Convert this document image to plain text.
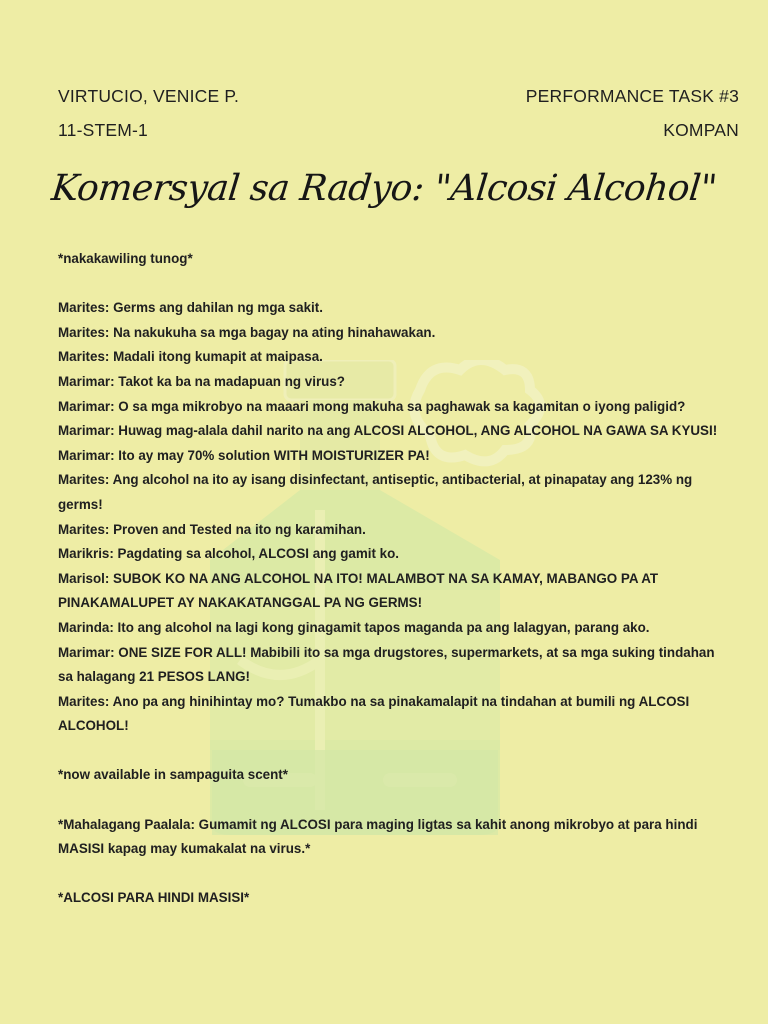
VIRTUCIO, VENICE P.
11-STEM-1
PERFORMANCE TASK #3
KOMPAN
Komersyal sa Radyo: "Alcosi Alcohol"
*nakakawiling tunog*
Marites: Germs ang dahilan ng mga sakit.
Marites: Na nakukuha sa mga bagay na ating hinahawakan.
Marites: Madali itong kumapit at maipasa.
Marimar: Takot ka ba na madapuan ng virus?
Marimar: O sa mga mikrobyo na maaari mong makuha sa paghawak sa kagamitan o iyong paligid?
Marimar: Huwag mag-alala dahil narito na ang ALCOSI ALCOHOL, ANG ALCOHOL NA GAWA SA KYUSI!
Marimar: Ito ay may 70% solution WITH MOISTURIZER PA!
Marites: Ang alcohol na ito ay isang disinfectant, antiseptic, antibacterial, at pinapatay ang 123% ng germs!
Marites: Proven and Tested na ito ng karamihan.
Marikris: Pagdating sa alcohol, ALCOSI ang gamit ko.
Marisol: SUBOK KO NA ANG ALCOHOL NA ITO! MALAMBOT NA SA KAMAY, MABANGO PA AT PINAKAMALUPET AY NAKAKATANGGAL PA NG GERMS!
Marinda: Ito ang alcohol na lagi kong ginagamit tapos maganda pa ang lalagyan, parang ako.
Marimar: ONE SIZE FOR ALL! Mabibili ito sa mga drugstores, supermarkets, at sa mga suking tindahan sa halagang 21 PESOS LANG!
Marites: Ano pa ang hinihintay mo? Tumakbo na sa pinakamalapit na tindahan at bumili ng ALCOSI ALCOHOL!
*now available in sampaguita scent*
*Mahalagang Paalala: Gumamit ng ALCOSI para maging ligtas sa kahit anong mikrobyo at para hindi MASISI kapag may kumakalat na virus.*
*ALCOSI PARA HINDI MASISI*
